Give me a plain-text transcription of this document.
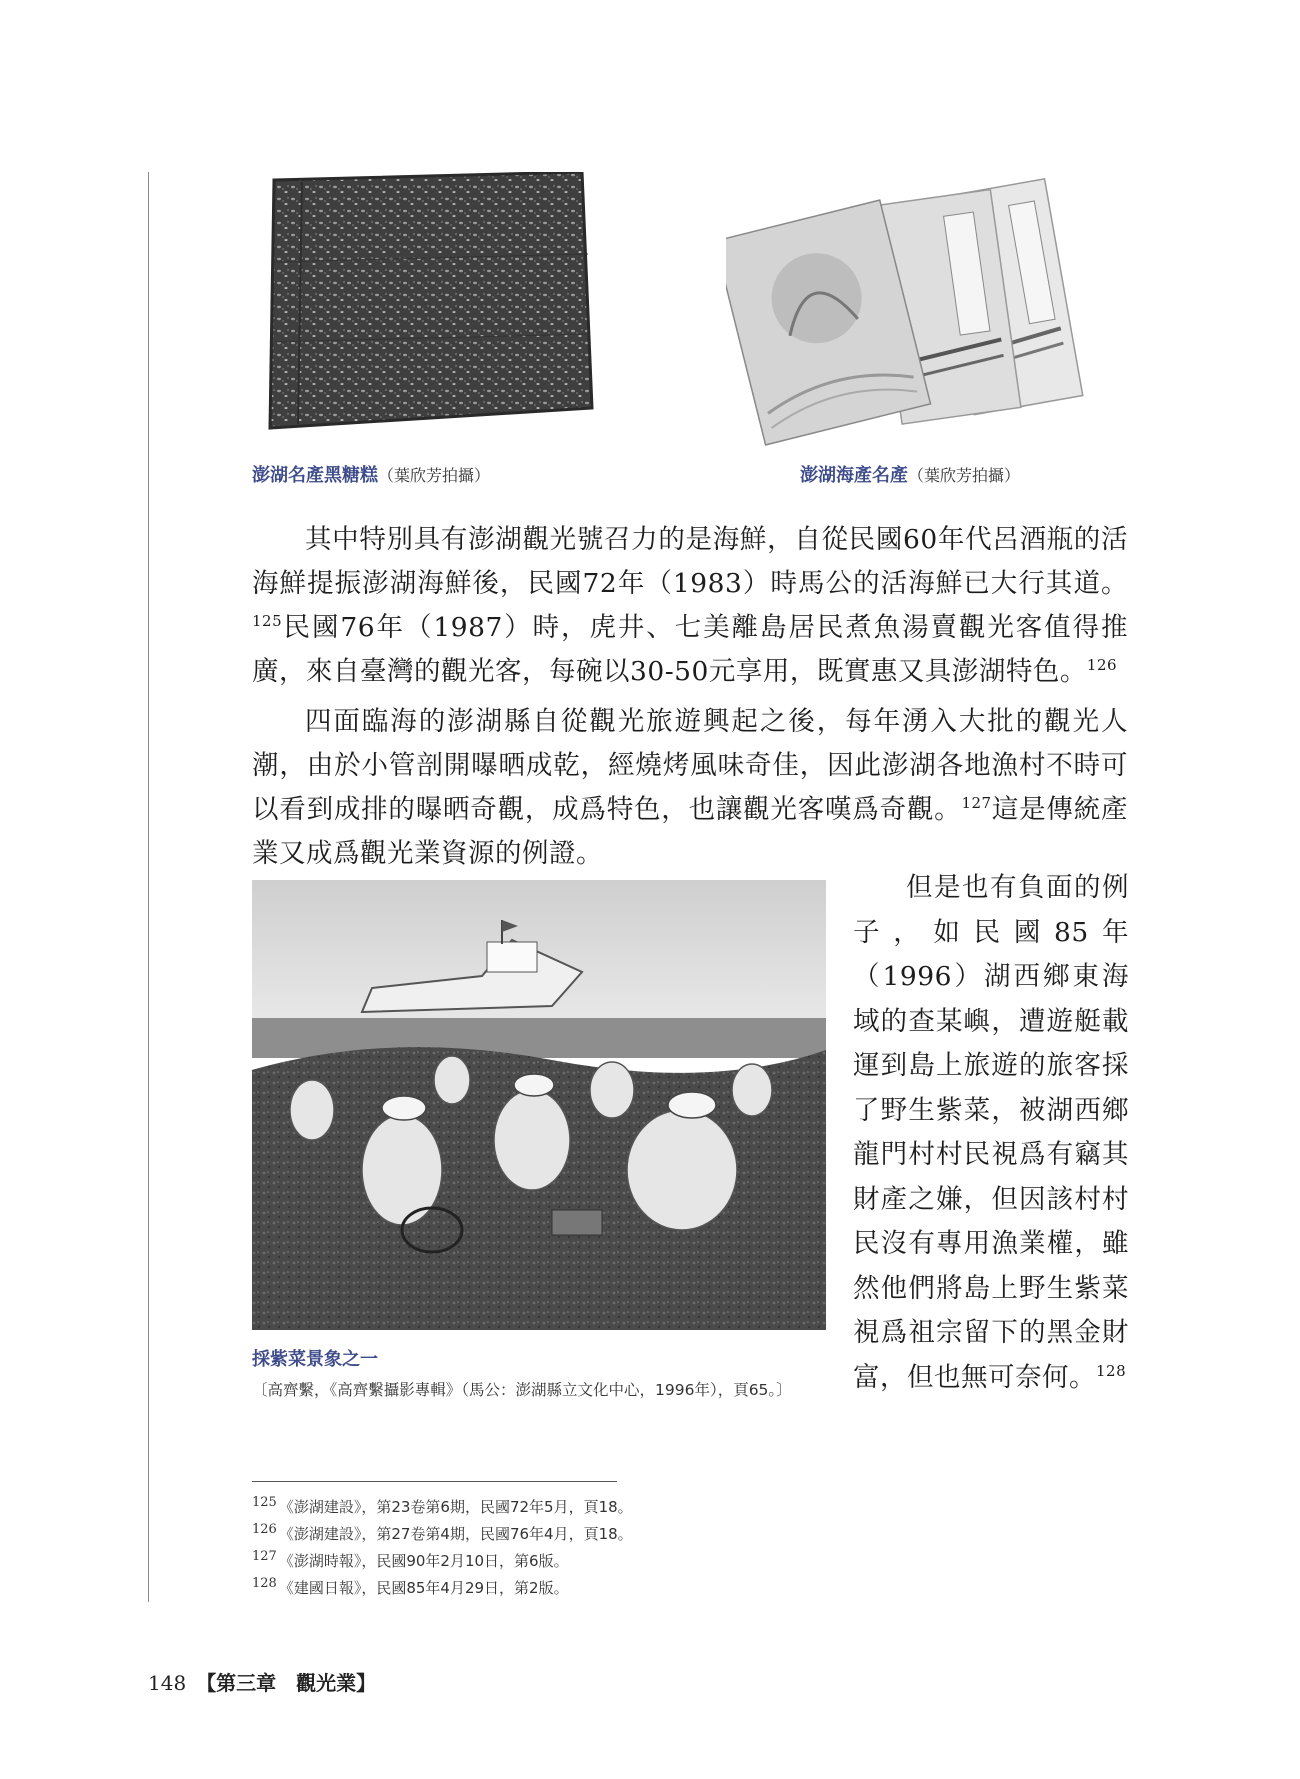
澎湖名產黑糖糕（葉欣芳拍攝）	澎湖海產名產（葉欣芳拍攝）

其中特別具有澎湖觀光號召力的是海鮮，自從民國60年代呂酒瓶的活海鮮提振澎湖海鮮後，民國72年（1983）時馬公的活海鮮已大行其道。$^{125}$民國76年（1987）時，虎井、七美離島居民煮魚湯賣觀光客值得推廣，來自臺灣的觀光客，每碗以30-50元享用，既實惠又具澎湖特色。$^{126}$

四面臨海的澎湖縣自從觀光旅遊興起之後，每年湧入大批的觀光人潮，由於小管剖開曝晒成乾，經燒烤風味奇佳，因此澎湖各地漁村不時可以看到成排的曝晒奇觀，成爲特色，也讓觀光客嘆爲奇觀。$^{127}$這是傳統產業又成爲觀光業資源的例證。

但是也有負面的例子，如民國85年（1996）湖西鄉東海域的查某嶼，遭遊艇載運到島上旅遊的旅客採了野生紫菜，被湖西鄉龍門村村民視爲有竊其財產之嫌，但因該村村民沒有專用漁業權，雖然他們將島上野生紫菜視爲祖宗留下的黑金財富，但也無可奈何。$^{128}$

採紫菜景象之一
〔高齊繫，《高齊繫攝影專輯》（馬公：澎湖縣立文化中心，1996年），頁65。〕
125 《澎湖建設》，第23卷第6期，民國72年5月，頁18。
126 《澎湖建設》，第27卷第4期，民國76年4月，頁18。
127 《澎湖時報》，民國90年2月10日，第6版。
128 《建國日報》，民國85年4月29日，第2版。
148 【第三章　觀光業】
